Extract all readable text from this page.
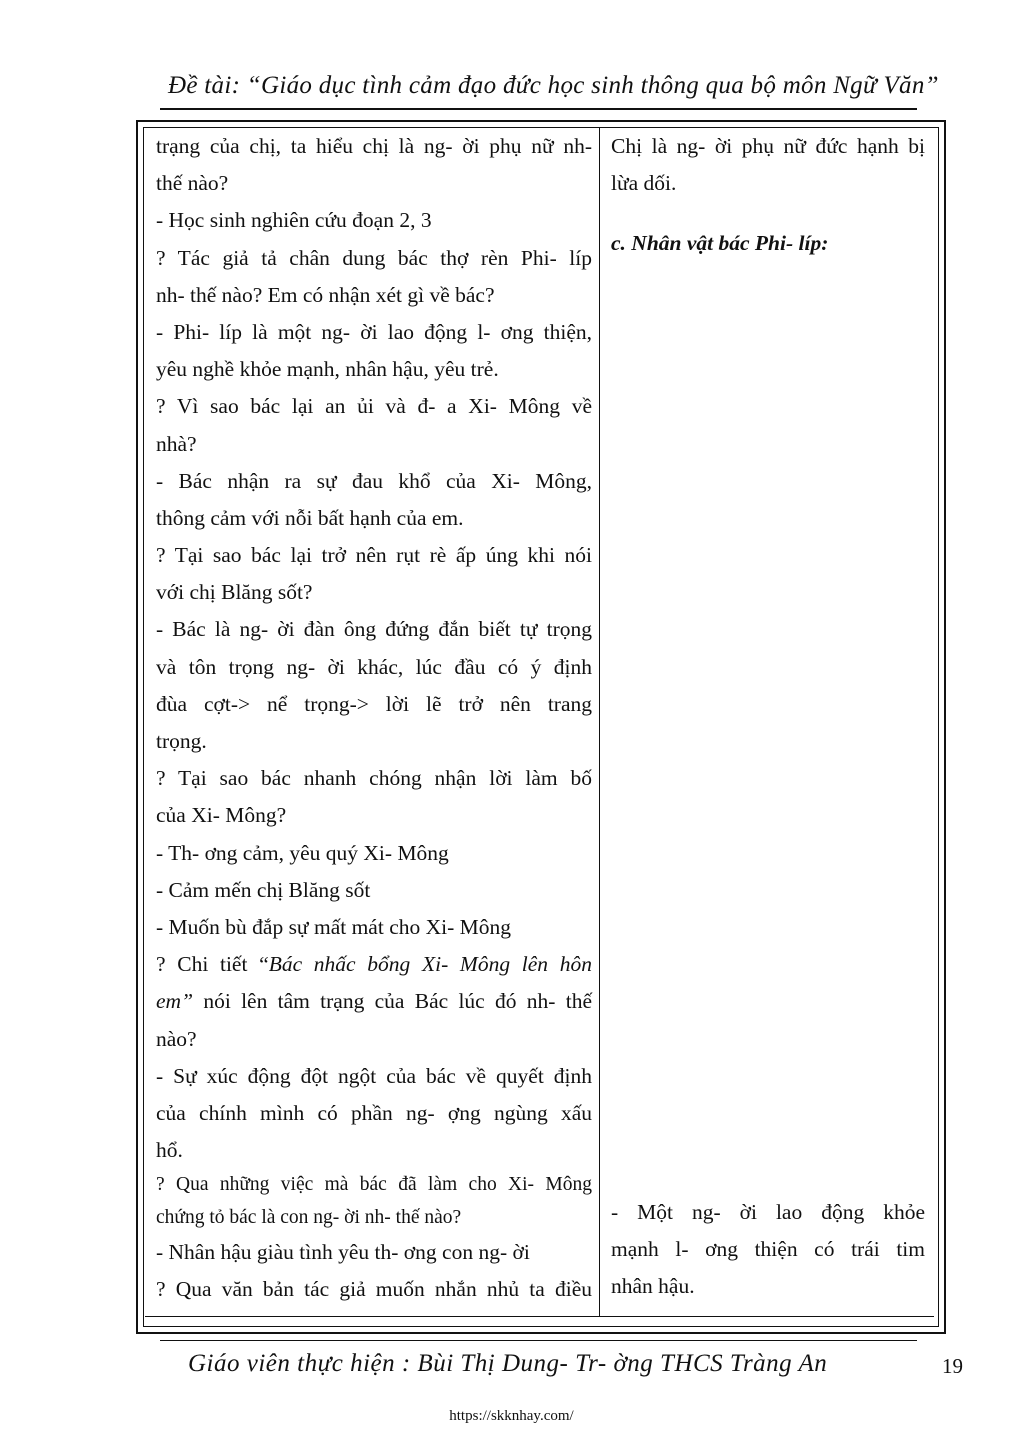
Đề tài: “Giáo dục tình cảm đạo đức học sinh thông qua bộ môn Ngữ Văn”
trạng của chị, ta hiểu chị là ng- ời phụ nữ nh-
thế nào?
- Học sinh nghiên cứu đoạn 2, 3
? Tác giả tả chân dung bác thợ rèn Phi- líp
nh- thế nào? Em có nhận xét gì về bác?
- Phi- líp là một ng- ời lao động l- ơng thiện,
yêu nghề khỏe mạnh, nhân hậu, yêu trẻ.
? Vì sao bác lại an ủi và đ- a Xi- Mông về
nhà?
- Bác nhận ra sự đau khổ của Xi- Mông,
thông cảm với nỗi bất hạnh của em.
? Tại sao bác lại trở nên rụt rè ấp úng khi nói
với chị Blăng sốt?
- Bác là ng- ời đàn ông đứng đắn biết tự trọng
và tôn trọng ng- ời khác, lúc đầu có ý định
đùa cợt-> nể trọng-> lời lẽ trở nên trang
trọng.
? Tại sao bác nhanh chóng nhận lời làm bố
của Xi- Mông?
- Th- ơng cảm, yêu quý Xi- Mông
- Cảm mến chị Blăng sốt
- Muốn bù đắp sự mất mát cho Xi- Mông
? Chi tiết “Bác nhấc bổng Xi- Mông lên hôn
em” nói lên tâm trạng của Bác lúc đó nh- thế
nào?
- Sự xúc động đột ngột của bác về quyết định
của chính mình có phần ng- ợng ngùng xấu
hổ.
? Qua những việc mà bác đã làm cho Xi- Mông
chứng tỏ bác là con ng- ời nh- thế nào?
- Nhân hậu giàu tình yêu th- ơng con ng- ời
? Qua văn bản tác giả muốn nhắn nhủ ta điều
Chị là ng- ời phụ nữ đức hạnh bị
lừa dối.
c. Nhân vật bác Phi- líp:
- Một ng- ời lao động khỏe
mạnh l- ơng thiện có trái tim
nhân hậu.
Giáo viên thực hiện : Bùi Thị Dung- Tr- ờng THCS Tràng An	19
https://skknhay.com/
